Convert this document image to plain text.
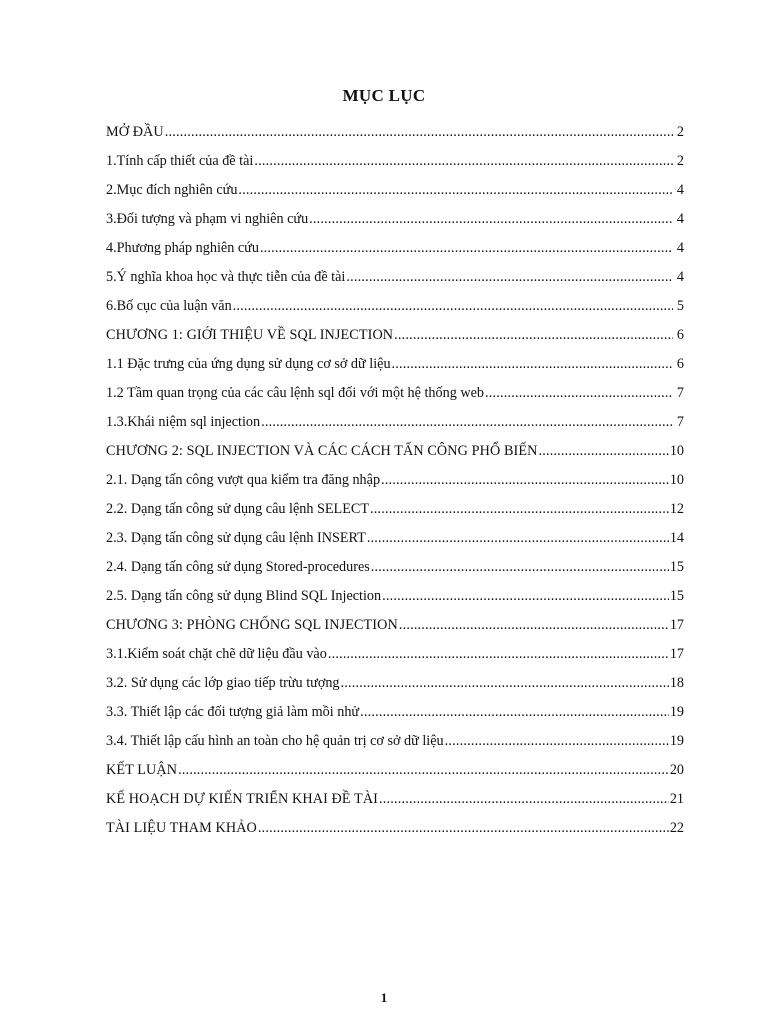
MỤC LỤC
MỞ ĐẦU .....	2
1.Tính cấp thiết của đề tài .....	2
2.Mục đích nghiên cứu .....	4
3.Đối tượng và phạm vi nghiên cứu .....	4
4.Phương pháp nghiên cứu .....	4
5.Ý nghĩa khoa học và thực tiễn của đề tài .....	4
6.Bố cục của luận văn .....	5
CHƯƠNG 1: GIỚI THIỆU VỀ SQL INJECTION .....	6
1.1 Đặc trưng của ứng dụng sử dụng cơ sở dữ liệu .....	6
1.2 Tầm quan trọng của các câu lệnh sql đối với một hệ thống web .....	7
1.3.Khái niệm sql injection .....	7
CHƯƠNG 2: SQL INJECTION VÀ CÁC CÁCH TẤN CÔNG PHỔ BIẾN .....	10
2.1. Dạng tấn công vượt qua kiểm tra đăng nhập .....	10
2.2. Dạng tấn công sử dụng câu lệnh SELECT .....	12
2.3. Dạng tấn công sử dụng câu lệnh INSERT .....	14
2.4. Dạng tấn công sử dụng Stored-procedures .....	15
2.5. Dạng tấn công sử dụng Blind SQL Injection .....	15
CHƯƠNG 3: PHÒNG CHỐNG SQL INJECTION .....	17
3.1.Kiểm soát chặt chẽ dữ liệu đầu vào .....	17
3.2. Sử dụng các lớp giao tiếp trừu tượng .....	18
3.3. Thiết lập các đối tượng giả làm mồi nhử .....	19
3.4. Thiết lập cấu hình an toàn cho hệ quản trị cơ sở dữ liệu .....	19
KẾT LUẬN .....	20
KẾ HOẠCH DỰ KIẾN TRIỂN KHAI ĐỀ TÀI .....	21
TÀI LIỆU THAM KHẢO .....	22
1
